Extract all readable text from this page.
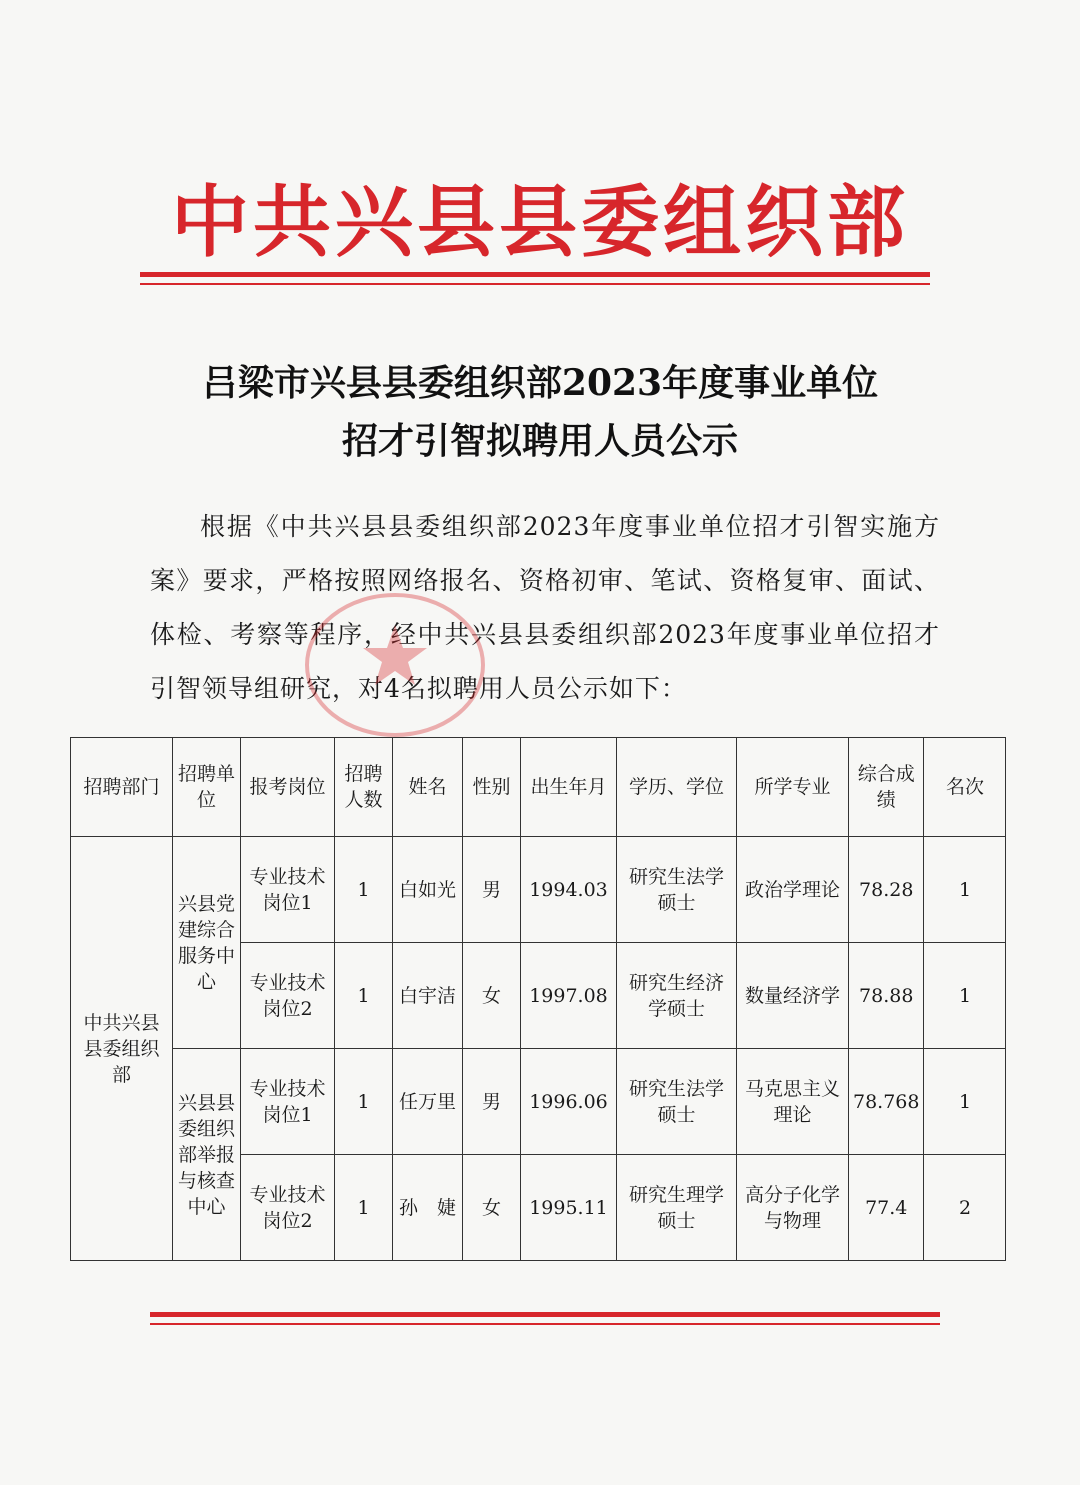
中共兴县县委组织部
吕梁市兴县县委组织部2023年度事业单位
招才引智拟聘用人员公示
根据《中共兴县县委组织部2023年度事业单位招才引智实施方案》要求，严格按照网络报名、资格初审、笔试、资格复审、面试、体检、考察等程序，经中共兴县县委组织部2023年度事业单位招才引智领导组研究，对4名拟聘用人员公示如下：
招聘部门	招聘单位	报考岗位	招聘人数	姓名	性别	出生年月	学历、学位	所学专业	综合成绩	名次
中共兴县县委组织部	兴县党建综合服务中心	专业技术岗位1	1	白如光	男	1994.03	研究生法学硕士	政治学理论	78.28	1
		专业技术岗位2	1	白宇洁	女	1997.08	研究生经济学硕士	数量经济学	78.88	1
	兴县县委组织部举报与核查中心	专业技术岗位1	1	任万里	男	1996.06	研究生法学硕士	马克思主义理论	78.768	1
		专业技术岗位2	1	孙　婕	女	1995.11	研究生理学硕士	高分子化学与物理	77.4	2
